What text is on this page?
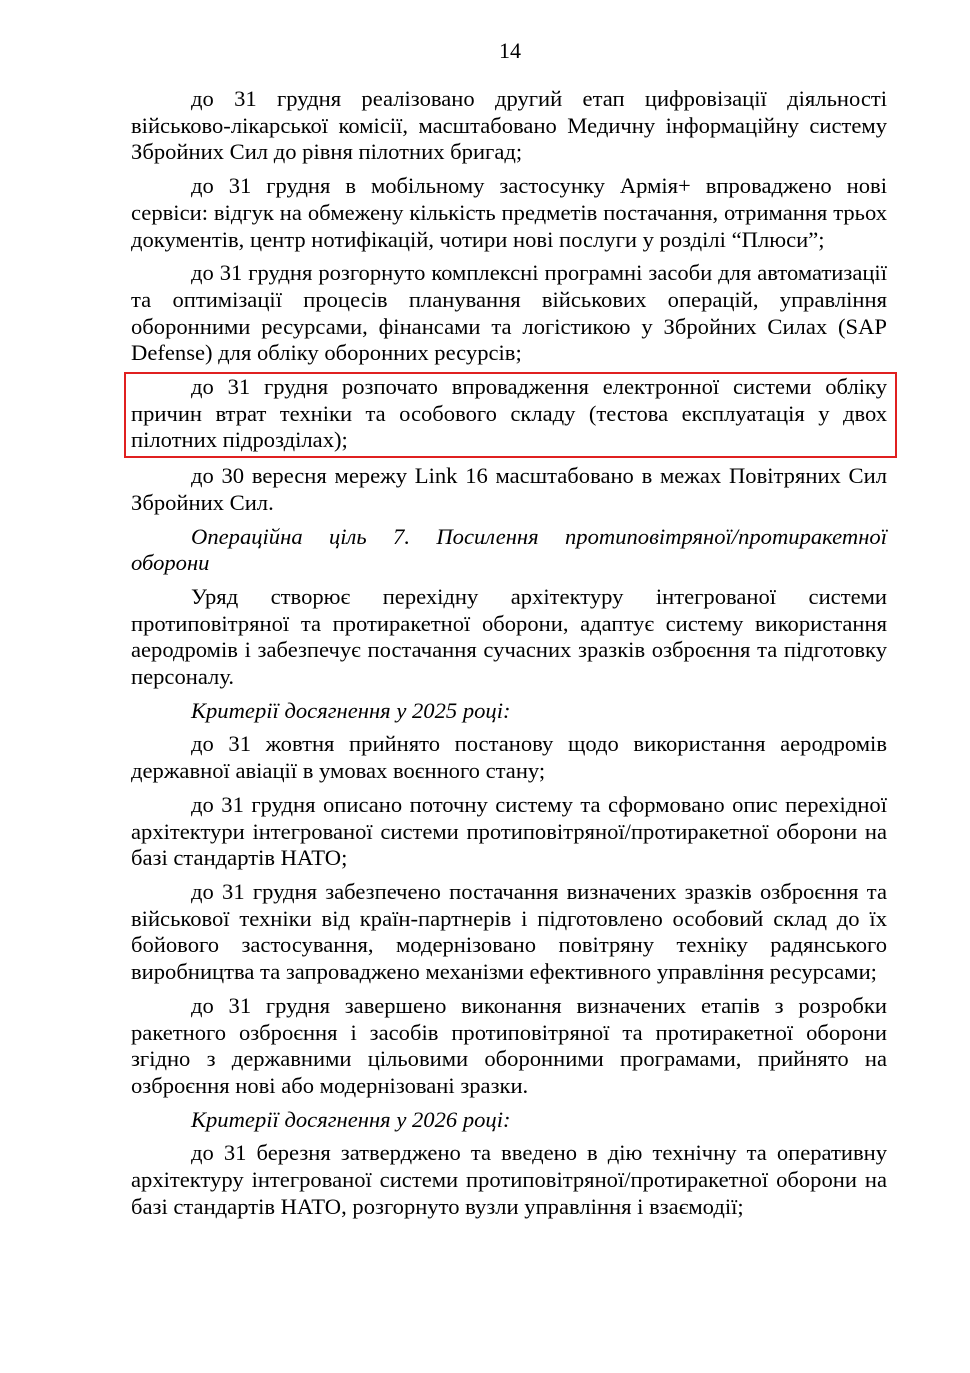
14

до 31 грудня реалізовано другий етап цифровізації діяльності військово-лікарської комісії, масштабовано Медичну інформаційну систему Збройних Сил до рівня пілотних бригад;

до 31 грудня в мобільному застосунку Армія+ впроваджено нові сервіси: відгук на обмежену кількість предметів постачання, отримання трьох документів, центр нотифікацій, чотири нові послуги у розділі “Плюси”;

до 31 грудня розгорнуто комплексні програмні засоби для автоматизації та оптимізації процесів планування військових операцій, управління оборонними ресурсами, фінансами та логістикою у Збройних Силах (SAP Defense) для обліку оборонних ресурсів;

до 31 грудня розпочато впровадження електронної системи обліку причин втрат техніки та особового складу (тестова експлуатація у двох пілотних підрозділах);

до 30 вересня мережу Link 16 масштабовано в межах Повітряних Сил Збройних Сил.

Операційна ціль 7. Посилення протиповітряної/протиракетної оборони

Уряд створює перехідну архітектуру інтегрованої системи протиповітряної та протиракетної оборони, адаптує систему використання аеродромів і забезпечує постачання сучасних зразків озброєння та підготовку персоналу.

Критерії досягнення у 2025 році:

до 31 жовтня прийнято постанову щодо використання аеродромів державної авіації в умовах воєнного стану;

до 31 грудня описано поточну систему та сформовано опис перехідної архітектури інтегрованої системи протиповітряної/протиракетної оборони на базі стандартів НАТО;

до 31 грудня забезпечено постачання визначених зразків озброєння та військової техніки від країн-партнерів і підготовлено особовий склад до їх бойового застосування, модернізовано повітряну техніку радянського виробництва та запроваджено механізми ефективного управління ресурсами;

до 31 грудня завершено виконання визначених етапів з розробки ракетного озброєння і засобів протиповітряної та протиракетної оборони згідно з державними цільовими оборонними програмами, прийнято на озброєння нові або модернізовані зразки.

Критерії досягнення у 2026 році:

до 31 березня затверджено та введено в дію технічну та оперативну архітектуру інтегрованої системи протиповітряної/протиракетної оборони на базі стандартів НАТО, розгорнуто вузли управління і взаємодії;
